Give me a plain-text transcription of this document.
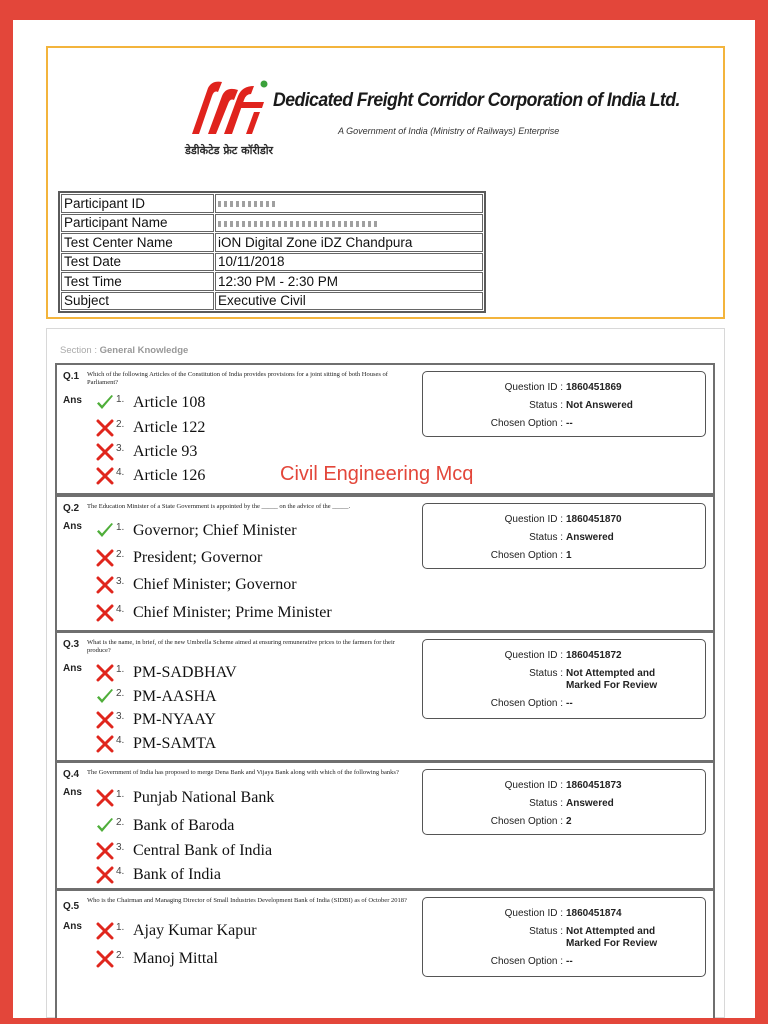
डेडीकेटेड फ्रेट कॉरीडोर
Dedicated Freight Corridor Corporation of India Ltd.
A Government of India (Ministry of Railways) Enterprise
Participant ID	
Participant Name	
Test Center Name	iON Digital Zone iDZ Chandpura
Test Date	10/11/2018
Test Time	12:30 PM - 2:30 PM
Subject	Executive Civil
Section : General Knowledge
Q.1 Which of the following Articles of the Constitution of India provides provisions for a joint sitting of both Houses of Parliament?
Ans	1. Article 108
2. Article 122
3. Article 93
4. Article 126
Question ID : 1860451869
Status : Not Answered
Chosen Option : --
Q.2 The Education Minister of a State Government is appointed by the _____ on the advice of the _____.
Ans	1. Governor; Chief Minister
2. President; Governor
3. Chief Minister; Governor
4. Chief Minister; Prime Minister
Question ID : 1860451870
Status : Answered
Chosen Option : 1
Q.3 What is the name, in brief, of the new Umbrella Scheme aimed at ensuring remunerative prices to the farmers for their produce?
Ans	1. PM-SADBHAV
2. PM-AASHA
3. PM-NYAAY
4. PM-SAMTA
Question ID : 1860451872
Status : Not Attempted and Marked For Review
Chosen Option : --
Q.4 The Government of India has proposed to merge Dena Bank and Vijaya Bank along with which of the following banks?
Ans	1. Punjab National Bank
2. Bank of Baroda
3. Central Bank of India
4. Bank of India
Question ID : 1860451873
Status : Answered
Chosen Option : 2
Q.5
Who is the Chairman and Managing Director of Small Industries Development Bank of India (SIDBI) as of October 2018?
Ans	1. Ajay Kumar Kapur
2. Manoj Mittal
Question ID : 1860451874
Status : Not Attempted and Marked For Review
Chosen Option : --
Civil Engineering Mcq
